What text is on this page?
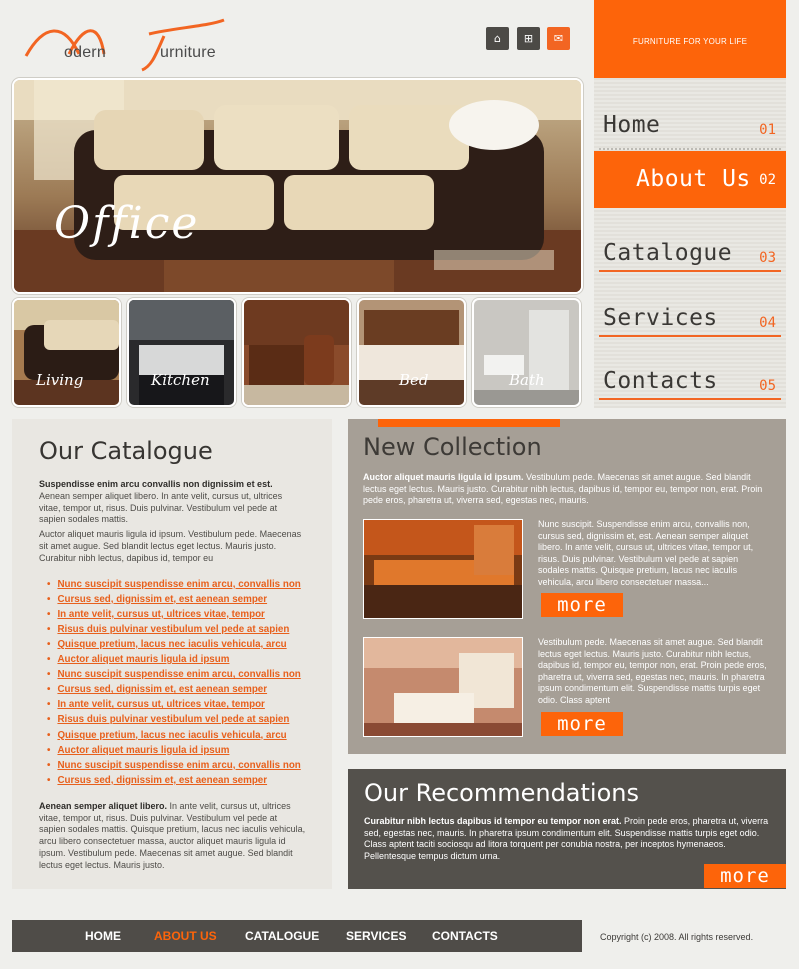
odern	urniture
⌂	⊞	✉	FURNITURE FOR YOUR LIFE
Home	01
About Us 02
Catalogue 03
Services	04
Contacts	05
Office
Living	Kitchen	Bed	Bath
Our Catalogue

Suspendisse enim arcu convallis non dignissim et est.
Aenean semper aliquet libero. In ante velit, cursus ut, ultrices vitae, tempor ut, risus. Duis pulvinar. Vestibulum vel pede at sapien sodales mattis.

Auctor aliquet mauris ligula id ipsum. Vestibulum pede. Maecenas sit amet augue. Sed blandit lectus eget lectus. Mauris justo. Curabitur nibh lectus, dapibus id, tempor eu

• Nunc suscipit suspendisse enim arcu, convallis non
• Cursus sed, dignissim et, est aenean semper
• In ante velit, cursus ut, ultrices vitae, tempor
• Risus duis pulvinar vestibulum vel pede at sapien
• Quisque pretium, lacus nec iaculis vehicula, arcu
• Auctor aliquet mauris ligula id ipsum
• Nunc suscipit suspendisse enim arcu, convallis non
• Cursus sed, dignissim et, est aenean semper
• In ante velit, cursus ut, ultrices vitae, tempor
• Risus duis pulvinar vestibulum vel pede at sapien
• Quisque pretium, lacus nec iaculis vehicula, arcu
• Auctor aliquet mauris ligula id ipsum
• Nunc suscipit suspendisse enim arcu, convallis non
• Cursus sed, dignissim et, est aenean semper

Aenean semper aliquet libero. In ante velit, cursus ut, ultrices vitae, tempor ut, risus. Duis pulvinar. Vestibulum vel pede at sapien sodales mattis. Quisque pretium, lacus nec iaculis vehicula, arcu libero consectetuer massa, auctor aliquet mauris ligula id ipsum. Vestibulum pede. Maecenas sit amet augue. Sed blandit lectus eget lectus. Mauris justo.

New Collection

Auctor aliquet mauris ligula id ipsum. Vestibulum pede. Maecenas sit amet augue. Sed blandit lectus eget lectus. Mauris justo. Curabitur nibh lectus, dapibus id, tempor eu, tempor non, erat. Proin pede eros, pharetra ut, viverra sed, egestas nec, mauris.

Nunc suscipit. Suspendisse enim arcu, convallis non, cursus sed, dignissim et, est. Aenean semper aliquet libero. In ante velit, cursus ut, ultrices vitae, tempor ut, risus. Duis pulvinar. Vestibulum vel pede at sapien sodales mattis. Quisque pretium, lacus nec iaculis vehicula, arcu libero consectetuer massa...
more
Vestibulum pede. Maecenas sit amet augue. Sed blandit lectus eget lectus. Mauris justo. Curabitur nibh lectus, dapibus id, tempor eu, tempor non, erat. Proin pede eros, pharetra ut, viverra sed, egestas nec, mauris. In pharetra ipsum condimentum elit. Suspendisse mattis turpis eget odio. Class aptent
more
Our Recommendations

Curabitur nibh lectus dapibus id tempor eu tempor non erat. Proin pede eros, pharetra ut, viverra sed, egestas nec, mauris. In pharetra ipsum condimentum elit. Suspendisse mattis turpis eget odio. Class aptent taciti sociosqu ad litora torquent per conubia nostra, per inceptos hymenaeos. Pellentesque tempus dictum urna.

more
HOME	ABOUT US CATALOGUE SERVICES CONTACTS	Copyright (c) 2008. All rights reserved.
